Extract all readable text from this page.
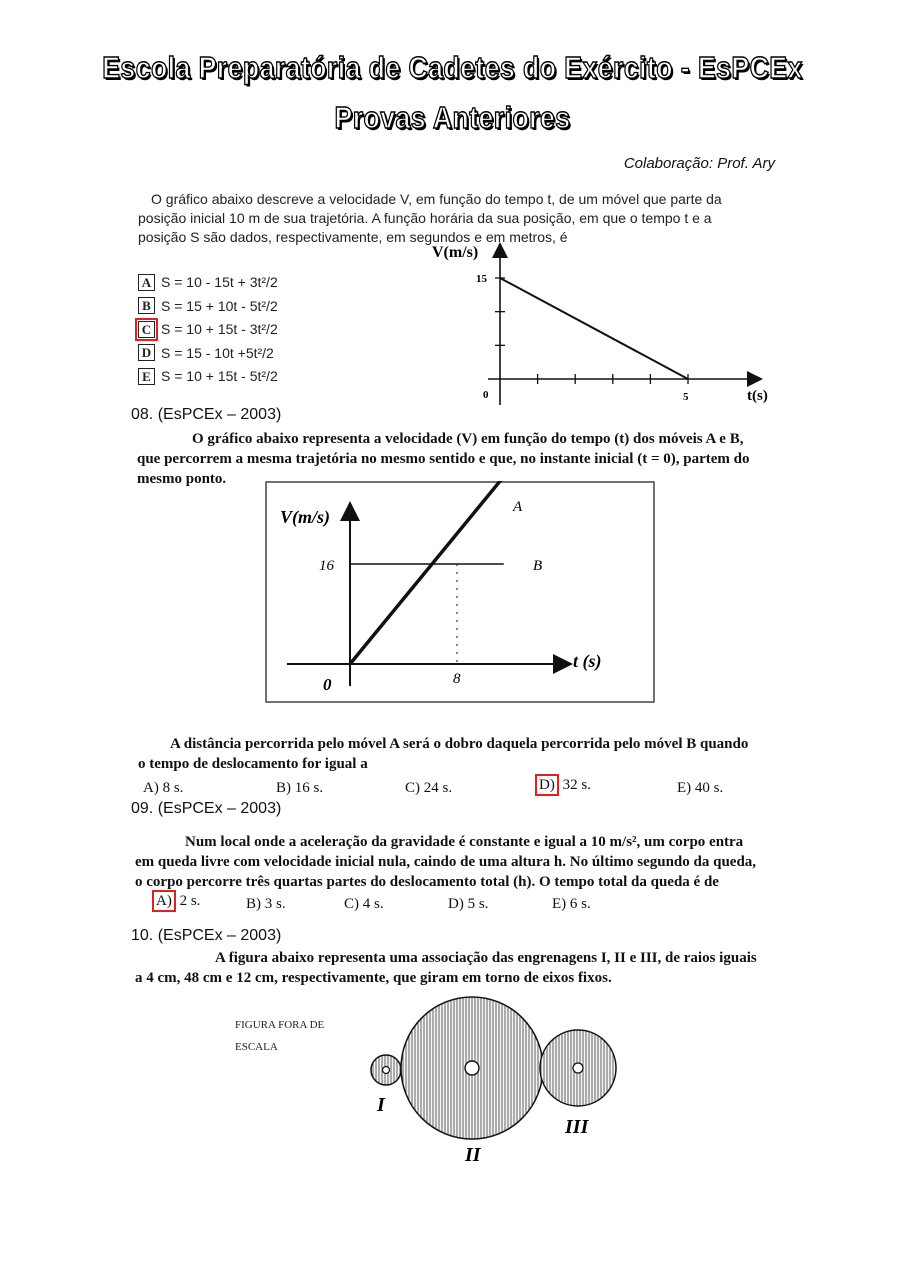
Escola Preparatória de Cadetes do Exército - EsPCEx
Provas Anteriores
Colaboração: Prof. Ary
O gráfico abaixo descreve a velocidade V, em função do tempo t, de um móvel que parte da
posição inicial 10 m de sua trajetória. A função horária da sua posição, em que o tempo t e a
posição S são dados, respectivamente, em segundos e em metros, é
A S = 10 - 15t + 3t²/2
B S = 15 + 10t - 5t²/2
C S = 10 + 15t - 3t²/2
D S = 15 - 10t +5t²/2
E S = 10 + 15t - 5t²/2
V(m/s)
15
0	5	t(s)
08. (EsPCEx – 2003)
O gráfico abaixo representa a velocidade (V) em função do tempo (t) dos móveis A e B,
que percorrem a mesma trajetória no mesmo sentido e que, no instante inicial (t = 0), partem do
mesmo ponto.
V(m/s)
16
0	8
t (s)
A
B
A distância percorrida pelo móvel A será o dobro daquela percorrida pelo móvel B quando
o tempo de deslocamento for igual a
A) 8 s.	B) 16 s.	C) 24 s.	D) 32 s.	E) 40 s.
09. (EsPCEx – 2003)
Num local onde a aceleração da gravidade é constante e igual a 10 m/s², um corpo entra
em queda livre com velocidade inicial nula, caindo de uma altura h. No último segundo da queda,
o corpo percorre três quartas partes do deslocamento total (h). O tempo total da queda é de
A) 2 s.	B) 3 s.	C) 4 s.	D) 5 s.	E) 6 s.
10. (EsPCEx – 2003)
A figura abaixo representa uma associação das engrenagens I, II e III, de raios iguais
a 4 cm, 48 cm e 12 cm, respectivamente, que giram em torno de eixos fixos.
FIGURA FORA DE
ESCALA
I
II
III
